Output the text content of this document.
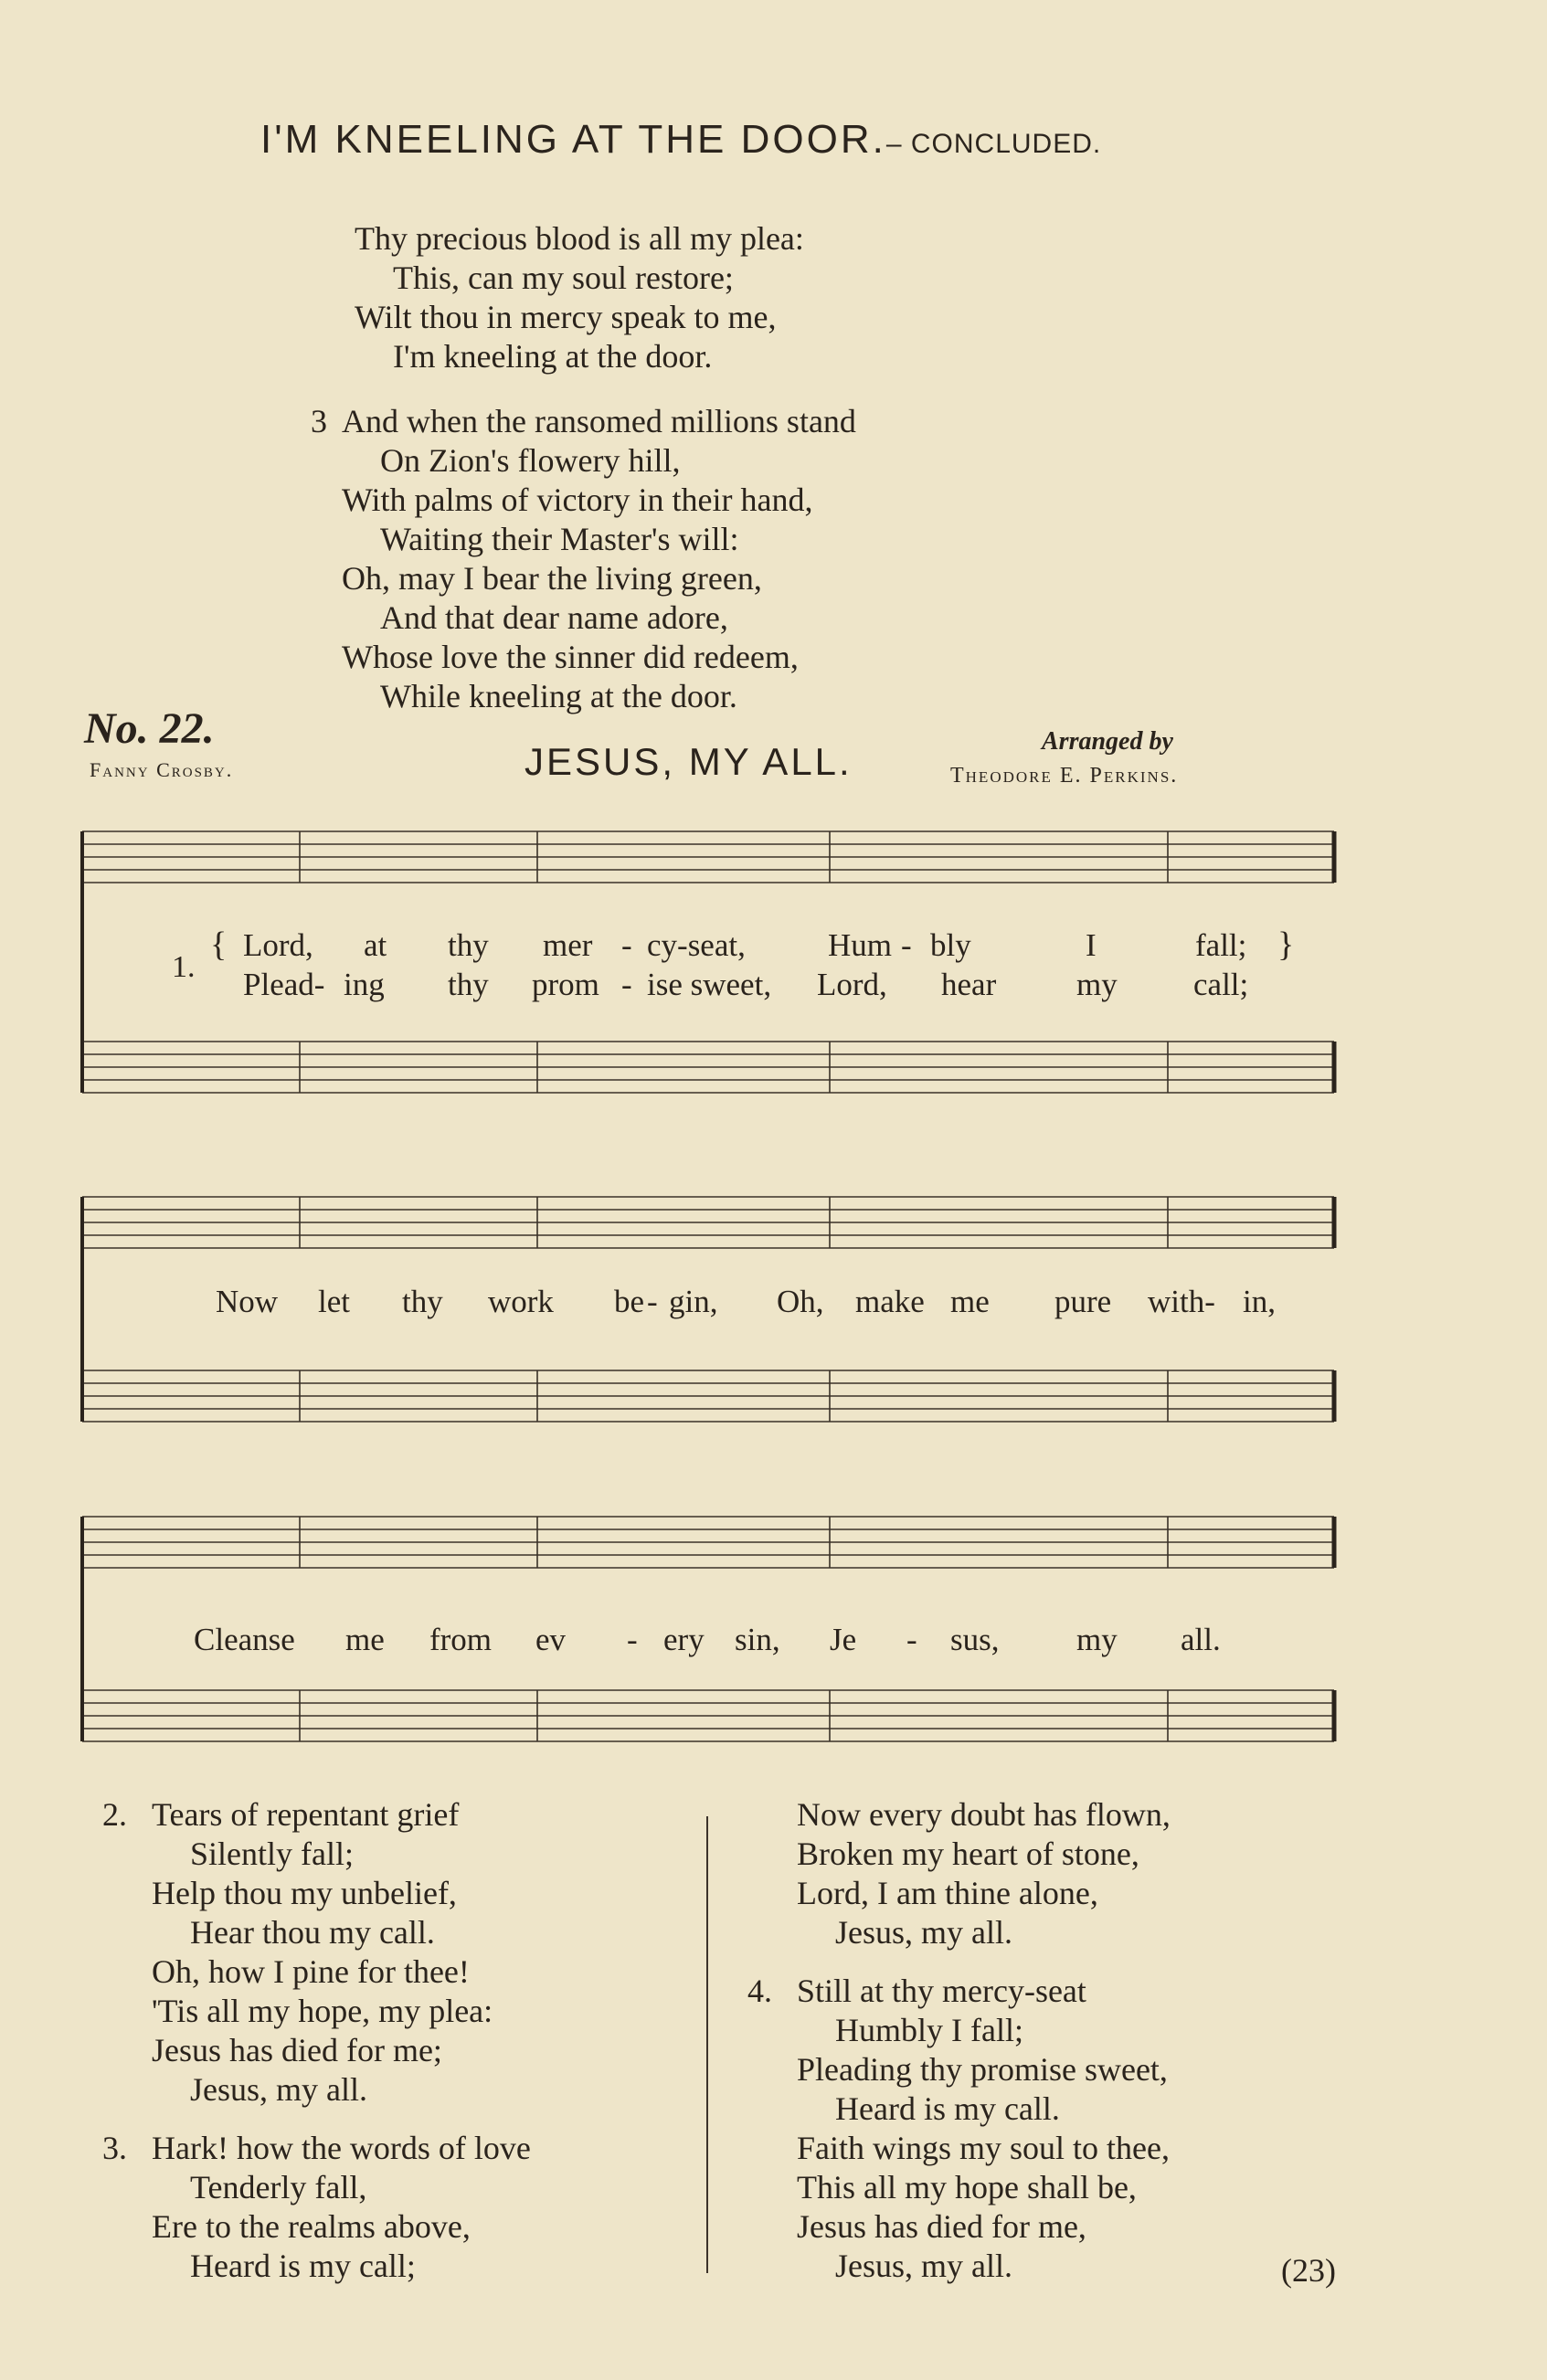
I'M KNEELING AT THE DOOR.– CONCLUDED.
Thy precious blood is all my plea:
This, can my soul restore;
Wilt thou in mercy speak to me,
I'm kneeling at the door.
3 And when the ransomed millions stand
On Zion's flowery hill,
With palms of victory in their hand,
Waiting their Master's will:
Oh, may I bear the living green,
And that dear name adore,
Whose love the sinner did redeem,
While kneeling at the door.
No. 22.
Fanny Crosby.	JESUS, MY ALL.	Arranged by
Theodore E. Perkins.
1.
{	}
Lord, at thy mer - cy-seat,	Hum - bly	I	fall;
Plead- ing thy prom - ise sweet, Lord, hear	my call;
Now let thy work be - gin, Oh, make me pure with- in,
Cleanse me from ev - ery sin, Je - sus, my all.
2. Tears of repentant grief
Silently fall;
Help thou my unbelief,
Hear thou my call.
Oh, how I pine for thee!
'Tis all my hope, my plea:
Jesus has died for me;
Jesus, my all.
3. Hark! how the words of love
Tenderly fall,
Ere to the realms above,
Heard is my call;
Now every doubt has flown,
Broken my heart of stone,
Lord, I am thine alone,
Jesus, my all.
4. Still at thy mercy-seat
Humbly I fall;
Pleading thy promise sweet,
Heard is my call.
Faith wings my soul to thee,
This all my hope shall be,
Jesus has died for me,
Jesus, my all.	(23)
